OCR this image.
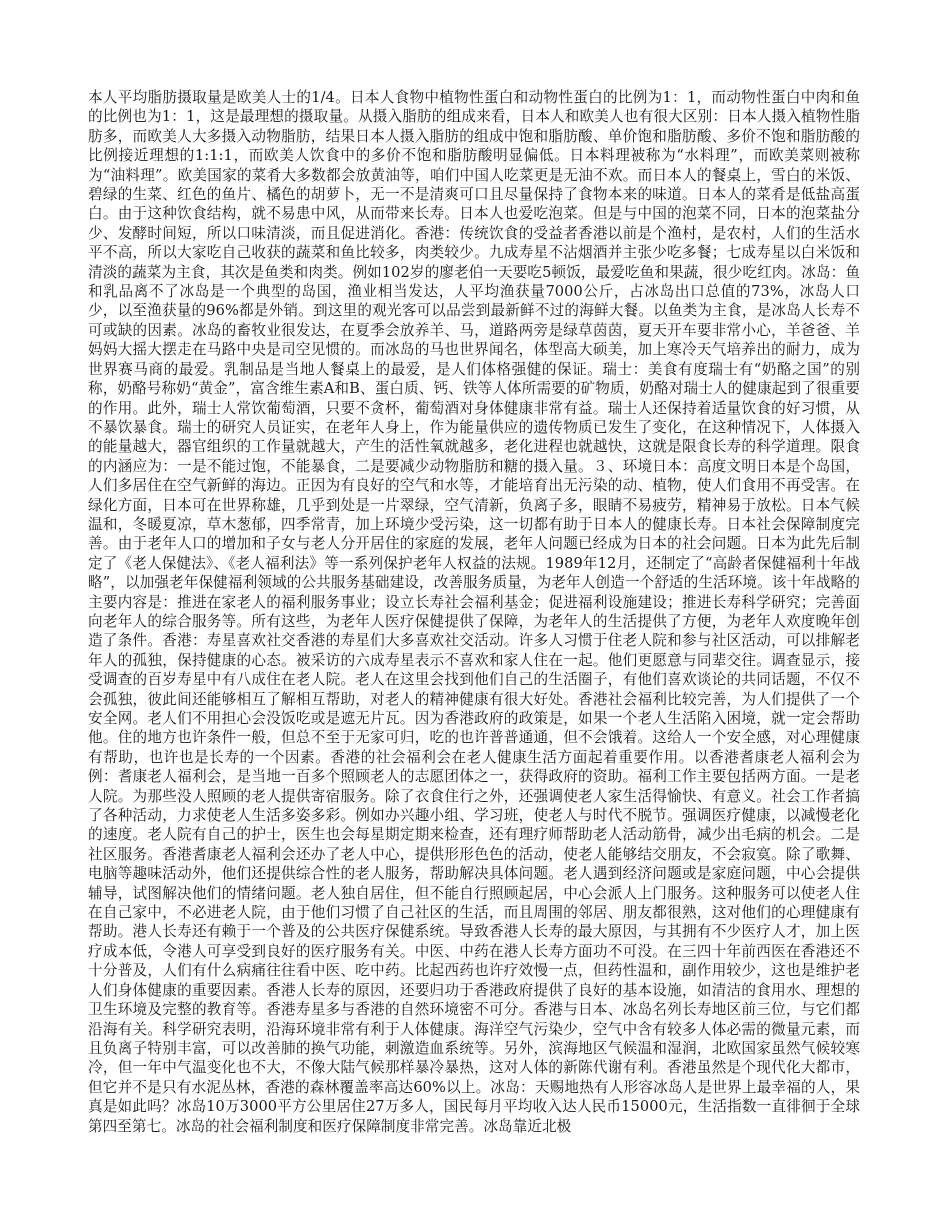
本人平均脂肪摄取量是欧美人士的1/4。日本人食物中植物性蛋白和动物性蛋白的比例为1：1，而动物性蛋白中肉和鱼的比例也为1：1，这是最理想的摄取量。从摄入脂肪的组成来看，日本人和欧美人也有很大区别：日本人摄入植物性脂肪多，而欧美人大多摄入动物脂肪，结果日本人摄入脂肪的组成中饱和脂肪酸、单价饱和脂肪酸、多价不饱和脂肪酸的比例接近理想的1:1:1，而欧美人饮食中的多价不饱和脂肪酸明显偏低。日本料理被称为“水料理”，而欧美菜则被称为“油料理”。欧美国家的菜肴大多数都会放黄油等，咱们中国人吃菜更是无油不欢。而日本人的餐桌上，雪白的米饭、碧绿的生菜、红色的鱼片、橘色的胡萝卜，无一不是清爽可口且尽量保持了食物本来的味道。日本人的菜肴是低盐高蛋白。由于这种饮食结构，就不易患中风，从而带来长寿。日本人也爱吃泡菜。但是与中国的泡菜不同，日本的泡菜盐分少、发酵时间短，所以口味清淡，而且促进消化。香港：传统饮食的受益者香港以前是个渔村，是农村，人们的生活水平不高，所以大家吃自己收获的蔬菜和鱼比较多，肉类较少。九成寿星不沾烟酒并主张少吃多餐；七成寿星以白米饭和清淡的蔬菜为主食，其次是鱼类和肉类。例如102岁的廖老伯一天要吃5顿饭，最爱吃鱼和果蔬，很少吃红肉。冰岛：鱼和乳品离不了冰岛是一个典型的岛国，渔业相当发达，人平均渔获量7000公斤，占冰岛出口总值的73%，冰岛人口少，以至渔获量的96%都是外销。到这里的观光客可以品尝到最新鲜不过的海鲜大餐。以鱼类为主食，是冰岛人长寿不可或缺的因素。冰岛的畜牧业很发达，在夏季会放养羊、马，道路两旁是绿草茵茵，夏天开车要非常小心，羊爸爸、羊妈妈大摇大摆走在马路中央是司空见惯的。而冰岛的马也世界闻名，体型高大硕美，加上寒冷天气培养出的耐力，成为世界赛马商的最爱。乳制品是当地人餐桌上的最爱，是人们体格强健的保证。瑞士：美食有度瑞士有“奶酪之国”的别称，奶酪号称奶“黄金”，富含维生素A和B、蛋白质、钙、铁等人体所需要的矿物质，奶酪对瑞士人的健康起到了很重要的作用。此外，瑞士人常饮葡萄酒，只要不贪杯，葡萄酒对身体健康非常有益。瑞士人还保持着适量饮食的好习惯，从不暴饮暴食。瑞士的研究人员证实，在老年人身上，作为能量供应的遗传物质已发生了变化，在这种情况下，人体摄入的能量越大，器官组织的工作量就越大，产生的活性氧就越多，老化进程也就越快，这就是限食长寿的科学道理。限食的内涵应为：一是不能过饱，不能暴食，二是要减少动物脂肪和糖的摄入量。３、环境日本：高度文明日本是个岛国，人们多居住在空气新鲜的海边。正因为有良好的空气和水等，才能培育出无污染的动、植物，使人们食用不再受害。在绿化方面，日本可在世界称雄，几乎到处是一片翠绿，空气清新，负离子多，眼睛不易疲劳，精神易于放松。日本气候温和，冬暖夏凉，草木葱郁，四季常青，加上环境少受污染，这一切都有助于日本人的健康长寿。日本社会保障制度完善。由于老年人口的增加和子女与老人分开居住的家庭的发展，老年人问题已经成为日本的社会问题。日本为此先后制定了《老人保健法》、《老人福利法》等一系列保护老年人权益的法规。1989年12月，还制定了“高龄者保健福利十年战略”，以加强老年保健福利领域的公共服务基础建设，改善服务质量，为老年人创造一个舒适的生活环境。该十年战略的主要内容是：推进在家老人的福利服务事业；设立长寿社会福利基金；促进福利设施建设；推进长寿科学研究；完善面向老年人的综合服务等。所有这些，为老年人医疗保健提供了保障，为老年人的生活提供了方便，为老年人欢度晚年创造了条件。香港：寿星喜欢社交香港的寿星们大多喜欢社交活动。许多人习惯于住老人院和参与社区活动，可以排解老年人的孤独，保持健康的心态。被采访的六成寿星表示不喜欢和家人住在一起。他们更愿意与同辈交往。调查显示，接受调查的百岁寿星中有八成住在老人院。老人在这里会找到他们自己的生活圈子，有他们喜欢谈论的共同话题，不仅不会孤独，彼此间还能够相互了解相互帮助，对老人的精神健康有很大好处。香港社会福利比较完善，为人们提供了一个安全网。老人们不用担心会没饭吃或是遮无片瓦。因为香港政府的政策是，如果一个老人生活陷入困境，就一定会帮助他。住的地方也许条件一般，但总不至于无家可归，吃的也许普普通通，但不会饿着。这给人一个安全感，对心理健康有帮助，也许也是长寿的一个因素。香港的社会福利会在老人健康生活方面起着重要作用。以香港耆康老人福利会为例：耆康老人福利会，是当地一百多个照顾老人的志愿团体之一，获得政府的资助。福利工作主要包括两方面。一是老人院。为那些没人照顾的老人提供寄宿服务。除了衣食住行之外，还强调使老人家生活得愉快、有意义。社会工作者搞了各种活动，力求使老人生活多姿多彩。例如办兴趣小组、学习班，使老人与时代不脱节。强调医疗健康，以减慢老化的速度。老人院有自己的护士，医生也会每星期定期来检查，还有理疗师帮助老人活动筋骨，减少出毛病的机会。二是社区服务。香港耆康老人福利会还办了老人中心，提供形形色色的活动，使老人能够结交朋友，不会寂寞。除了歌舞、电脑等趣味活动外，他们还提供综合性的老人服务，帮助解决具体问题。老人遇到经济问题或是家庭问题，中心会提供辅导，试图解决他们的情绪问题。老人独自居住，但不能自行照顾起居，中心会派人上门服务。这种服务可以使老人住在自己家中，不必进老人院，由于他们习惯了自己社区的生活，而且周围的邻居、朋友都很熟，这对他们的心理健康有帮助。港人长寿还有赖于一个普及的公共医疗保健系统。导致香港人长寿的最大原因，与其拥有不少医疗人才，加上医疗成本低，令港人可享受到良好的医疗服务有关。中医、中药在港人长寿方面功不可没。在三四十年前西医在香港还不十分普及，人们有什么病痛往往看中医、吃中药。比起西药也许疗效慢一点，但药性温和，副作用较少，这也是维护老人们身体健康的重要因素。香港人长寿的原因，还要归功于香港政府提供了良好的基本设施，如清洁的食用水、理想的卫生环境及完整的教育等。香港寿星多与香港的自然环境密不可分。香港与日本、冰岛名列长寿地区前三位，与它们都沿海有关。科学研究表明，沿海环境非常有利于人体健康。海洋空气污染少，空气中含有较多人体必需的微量元素，而且负离子特别丰富，可以改善肺的换气功能，刺激造血系统等。另外，滨海地区气候温和湿润，北欧国家虽然气候较寒冷，但一年中气温变化也不大，不像大陆气候那样暴冷暴热，这对人体的新陈代谢有利。香港虽然是个现代化大都市，但它并不是只有水泥丛林，香港的森林覆盖率高达60%以上。冰岛：天赐地热有人形容冰岛人是世界上最幸福的人，果真是如此吗？冰岛10万3000平方公里居住27万多人，国民每月平均收入达人民币15000元，生活指数一直徘徊于全球第四至第七。冰岛的社会福利制度和医疗保障制度非常完善。冰岛靠近北极
